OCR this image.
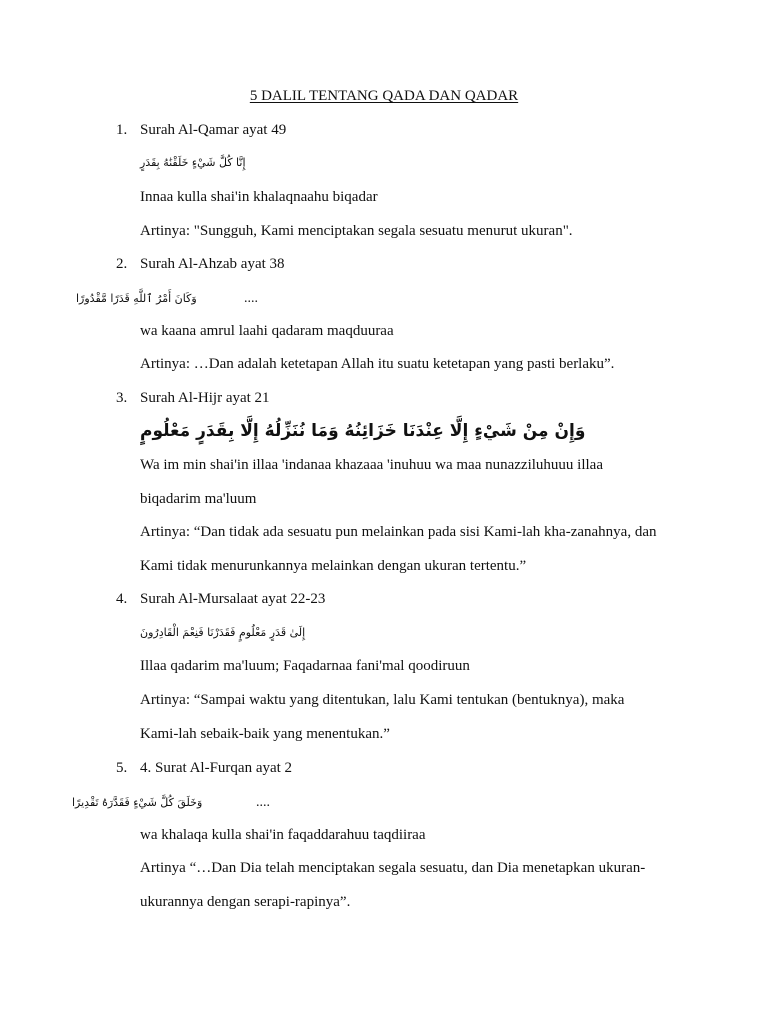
5 DALIL TENTANG QADA DAN QADAR
1. Surah Al-Qamar ayat 49
إِنَّا كُلَّ شَيْءٍ خَلَقْنَٰهُ بِقَدَرٍ
Innaa kulla shai'in khalaqnaahu biqadar
Artinya: "Sungguh, Kami menciptakan segala sesuatu menurut ukuran".
2. Surah Al-Ahzab ayat 38
وَكَانَ أَمْرُ ٱللَّهِ قَدَرًا مَّقْدُورًا	....
wa kaana amrul laahi qadaram maqduuraa
Artinya: …Dan adalah ketetapan Allah itu suatu ketetapan yang pasti berlaku”.
3. Surah Al-Hijr ayat 21
وَإِنْ مِنْ شَيْءٍ إِلَّا عِنْدَنَا خَزَائِنُهُ وَمَا نُنَزِّلُهُ إِلَّا بِقَدَرٍ مَعْلُومٍ
Wa im min shai'in illaa 'indanaa khazaaa 'inuhuu wa maa nunazziluhuuu illaa
biqadarim ma'luum
Artinya: “Dan tidak ada sesuatu pun melainkan pada sisi Kami-lah kha-zanahnya, dan
Kami tidak menurunkannya melainkan dengan ukuran tertentu.”
4. Surah Al-Mursalaat ayat 22-23
إِلَىٰ قَدَرٍ مَعْلُومٍ فَقَدَرْنَا فَنِعْمَ الْقَادِرُونَ
Illaa qadarim ma'luum; Faqadarnaa fani'mal qoodiruun
Artinya: “Sampai waktu yang ditentukan, lalu Kami tentukan (bentuknya), maka
Kami-lah sebaik-baik yang menentukan.”
5. 4. Surat Al-Furqan ayat 2
وَخَلَقَ كُلَّ شَيْءٍ فَقَدَّرَهُ تَقْدِيرًا	....
wa khalaqa kulla shai'in faqaddarahuu taqdiiraa
Artinya “…Dan Dia telah menciptakan segala sesuatu, dan Dia menetapkan ukuran-
ukurannya dengan serapi-rapinya”.
